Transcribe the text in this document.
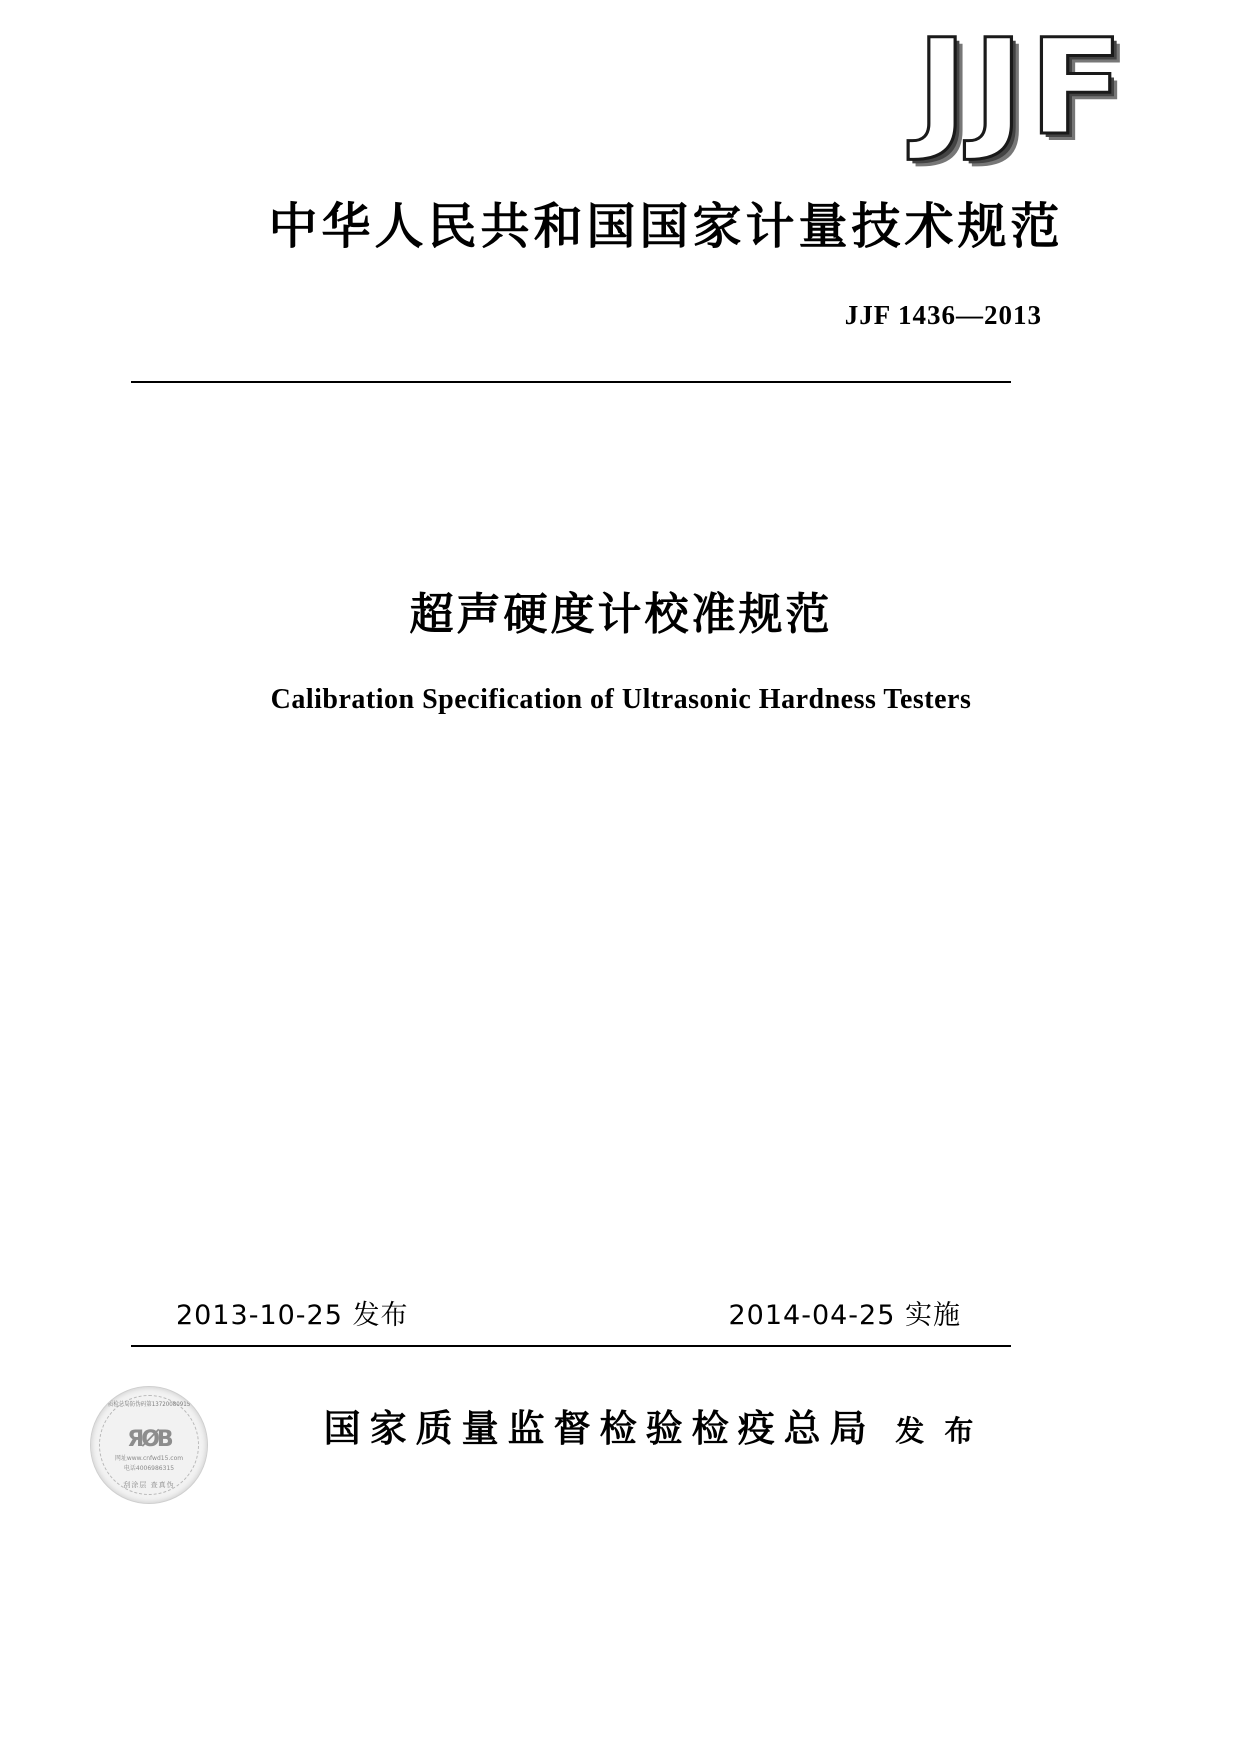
JJF
中华人民共和国国家计量技术规范
JJF 1436—2013
超声硬度计校准规范
Calibration Specification of Ultrasonic Hardness Testers
2013-10-25 发布	2014-04-25 实施
质检总局防伪码第13720080915
ЯØB
网址www.cnfwd15.com
电话4006986315
刮涂层 查真伪
国家质量监督检验检疫总局 发 布
